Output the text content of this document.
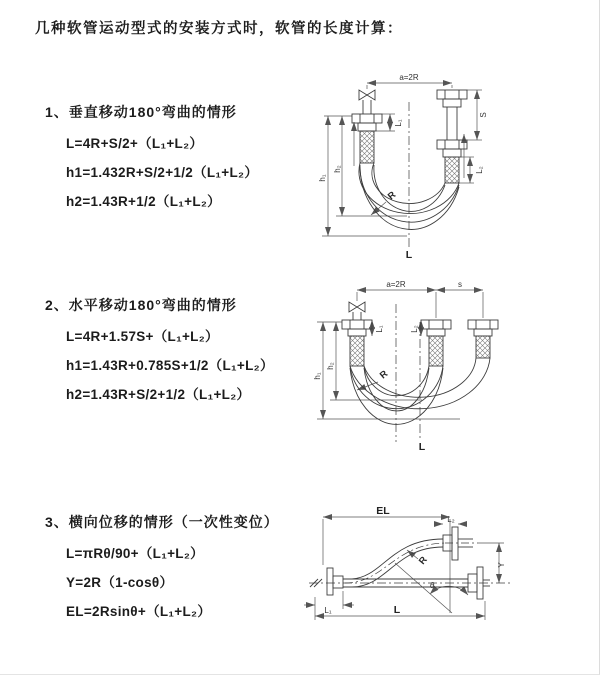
几种软管运动型式的安装方式时，软管的长度计算：
1、垂直移动180°弯曲的情形
L=4R+S/2+（L₁+L₂）
h1=1.432R+S/2+1/2（L₁+L₂）
h2=1.43R+1/2（L₁+L₂）
2、水平移动180°弯曲的情形
L=4R+1.57S+（L₁+L₂）
h1=1.43R+0.785S+1/2（L₁+L₂）
h2=1.43R+S/2+1/2（L₁+L₂）
3、横向位移的情形（一次性变位）
L=πRθ/90+（L₁+L₂）
Y=2R（1-cosθ）
EL=2Rsinθ+（L₁+L₂）
a=2R
h₁
h₂
L₁
S
L₂
R
L
a=2R	s
h₁
h₂
L₁	L₂
R
L
EL
L₂
Y
R
θ
L₁	L
